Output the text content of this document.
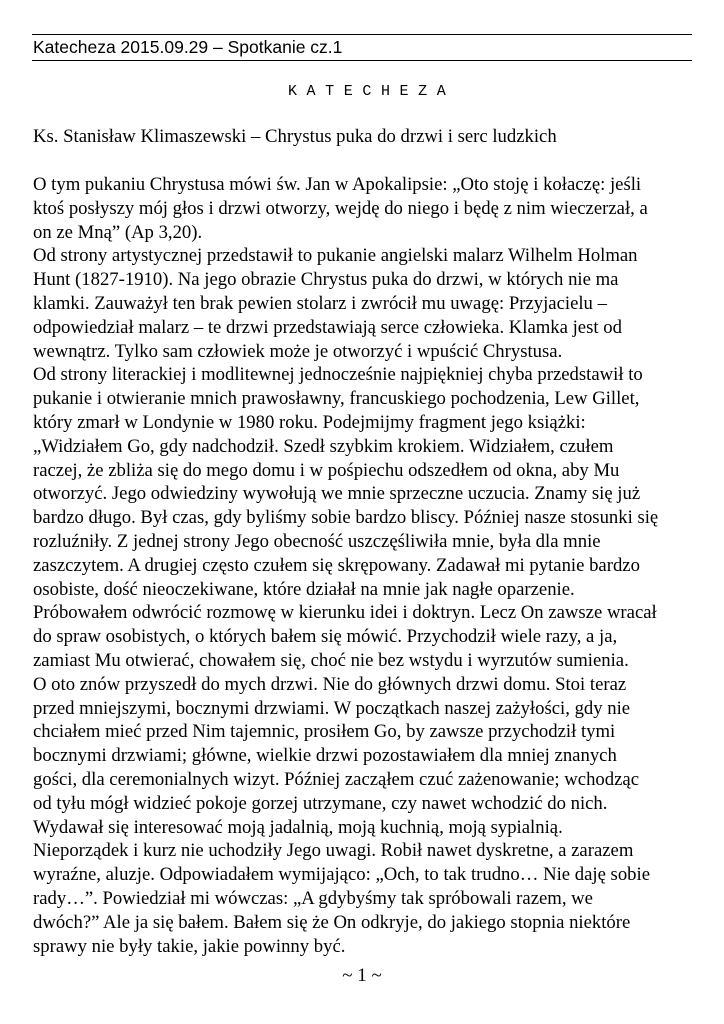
Katecheza 2015.09.29 – Spotkanie cz.1
K A T E C H E Z A
Ks. Stanisław Klimaszewski – Chrystus puka do drzwi i serc ludzkich
O tym pukaniu Chrystusa mówi św. Jan w Apokalipsie: „Oto stoję i kołaczę: jeśli
ktoś posłyszy mój głos i drzwi otworzy, wejdę do niego i będę z nim wieczerzał, a
on ze Mną” (Ap 3,20).
Od strony artystycznej przedstawił to pukanie angielski malarz Wilhelm Holman
Hunt (1827-1910). Na jego obrazie Chrystus puka do drzwi, w których nie ma
klamki. Zauważył ten brak pewien stolarz i zwrócił mu uwagę: Przyjacielu –
odpowiedział malarz – te drzwi przedstawiają serce człowieka. Klamka jest od
wewnątrz. Tylko sam człowiek może je otworzyć i wpuścić Chrystusa.
Od strony literackiej i modlitewnej jednocześnie najpiękniej chyba przedstawił to
pukanie i otwieranie mnich prawosławny, francuskiego pochodzenia, Lew Gillet,
który zmarł w Londynie w 1980 roku. Podejmijmy fragment jego książki:
„Widziałem Go, gdy nadchodził. Szedł szybkim krokiem. Widziałem, czułem
raczej, że zbliża się do mego domu i w pośpiechu odszedłem od okna, aby Mu
otworzyć. Jego odwiedziny wywołują we mnie sprzeczne uczucia. Znamy się już
bardzo długo. Był czas, gdy byliśmy sobie bardzo bliscy. Później nasze stosunki się
rozluźniły. Z jednej strony Jego obecność uszczęśliwiła mnie, była dla mnie
zaszczytem. A drugiej często czułem się skrępowany. Zadawał mi pytanie bardzo
osobiste, dość nieoczekiwane, które działał na mnie jak nagłe oparzenie.
Próbowałem odwrócić rozmowę w kierunku idei i doktryn. Lecz On zawsze wracał
do spraw osobistych, o których bałem się mówić. Przychodził wiele razy, a ja,
zamiast Mu otwierać, chowałem się, choć nie bez wstydu i wyrzutów sumienia.
O oto znów przyszedł do mych drzwi. Nie do głównych drzwi domu. Stoi teraz
przed mniejszymi, bocznymi drzwiami. W początkach naszej zażyłości, gdy nie
chciałem mieć przed Nim tajemnic, prosiłem Go, by zawsze przychodził tymi
bocznymi drzwiami; główne, wielkie drzwi pozostawiałem dla mniej znanych
gości, dla ceremonialnych wizyt. Później zacząłem czuć zażenowanie; wchodząc
od tyłu mógł widzieć pokoje gorzej utrzymane, czy nawet wchodzić do nich.
Wydawał się interesować moją jadalnią, moją kuchnią, moją sypialnią.
Nieporządek i kurz nie uchodziły Jego uwagi. Robił nawet dyskretne, a zarazem
wyraźne, aluzje. Odpowiadałem wymijająco: „Och, to tak trudno… Nie daję sobie
rady…”. Powiedział mi wówczas: „A gdybyśmy tak spróbowali razem, we
dwóch?” Ale ja się bałem. Bałem się że On odkryje, do jakiego stopnia niektóre
sprawy nie były takie, jakie powinny być.
~ 1 ~
